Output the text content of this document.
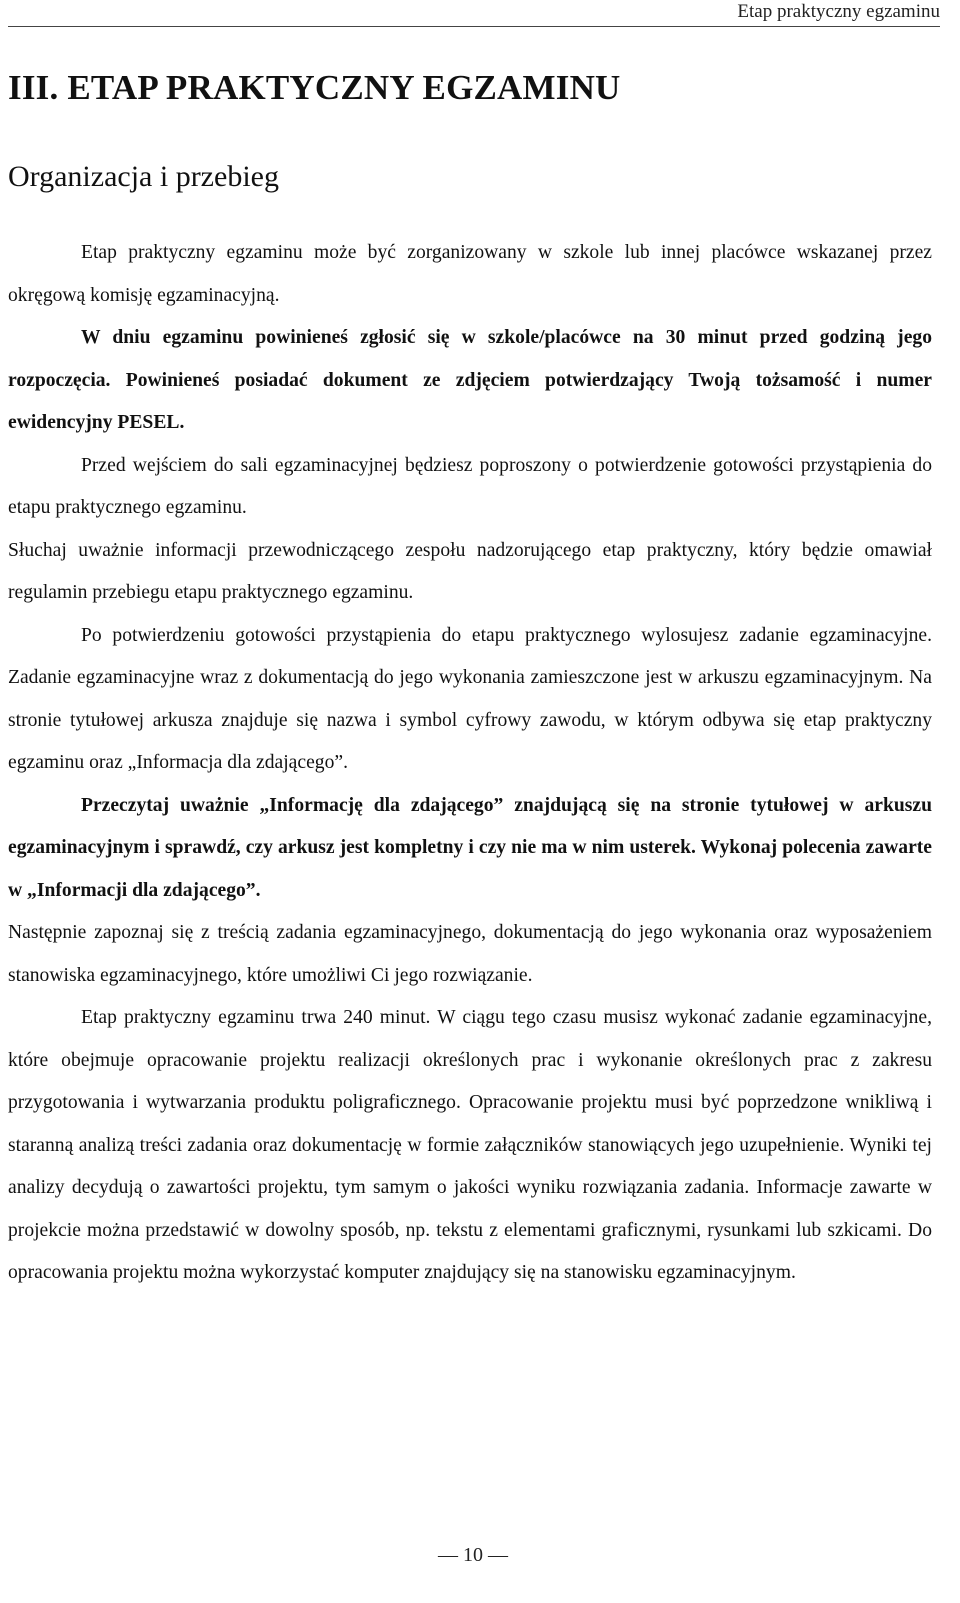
Etap praktyczny egzaminu
III. ETAP PRAKTYCZNY EGZAMINU
Organizacja i przebieg

Etap praktyczny egzaminu może być zorganizowany w szkole lub innej placówce wskazanej przez okręgową komisję egzaminacyjną.

W dniu egzaminu powinieneś zgłosić się w szkole/placówce na 30 minut przed godziną jego rozpoczęcia. Powinieneś posiadać dokument ze zdjęciem potwierdzający Twoją tożsamość i numer ewidencyjny PESEL.

Przed wejściem do sali egzaminacyjnej będziesz poproszony o potwierdzenie gotowości przystąpienia do etapu praktycznego egzaminu.

Słuchaj uważnie informacji przewodniczącego zespołu nadzorującego etap praktyczny, który będzie omawiał regulamin przebiegu etapu praktycznego egzaminu.

Po potwierdzeniu gotowości przystąpienia do etapu praktycznego wylosujesz zadanie egzaminacyjne. Zadanie egzaminacyjne wraz z dokumentacją do jego wykonania zamieszczone jest w arkuszu egzaminacyjnym. Na stronie tytułowej arkusza znajduje się nazwa i symbol cyfrowy zawodu, w którym odbywa się etap praktyczny egzaminu oraz „Informacja dla zdającego”.

Przeczytaj uważnie „Informację dla zdającego” znajdującą się na stronie tytułowej w arkuszu egzaminacyjnym i sprawdź, czy arkusz jest kompletny i czy nie ma w nim usterek. Wykonaj polecenia zawarte w „Informacji dla zdającego”.

Następnie zapoznaj się z treścią zadania egzaminacyjnego, dokumentacją do jego wykonania oraz wyposażeniem stanowiska egzaminacyjnego, które umożliwi Ci jego rozwiązanie.

Etap praktyczny egzaminu trwa 240 minut. W ciągu tego czasu musisz wykonać zadanie egzaminacyjne, które obejmuje opracowanie projektu realizacji określonych prac i wykonanie określonych prac z zakresu przygotowania i wytwarzania produktu poligraficznego. Opracowanie projektu musi być poprzedzone wnikliwą i staranną analizą treści zadania oraz dokumentację w formie załączników stanowiących jego uzupełnienie. Wyniki tej analizy decydują o zawartości projektu, tym samym o jakości wyniku rozwiązania zadania. Informacje zawarte w projekcie można przedstawić w dowolny sposób, np. tekstu z elementami graficznymi, rysunkami lub szkicami. Do opracowania projektu można wykorzystać komputer znajdujący się na stanowisku egzaminacyjnym.

— 10 —
